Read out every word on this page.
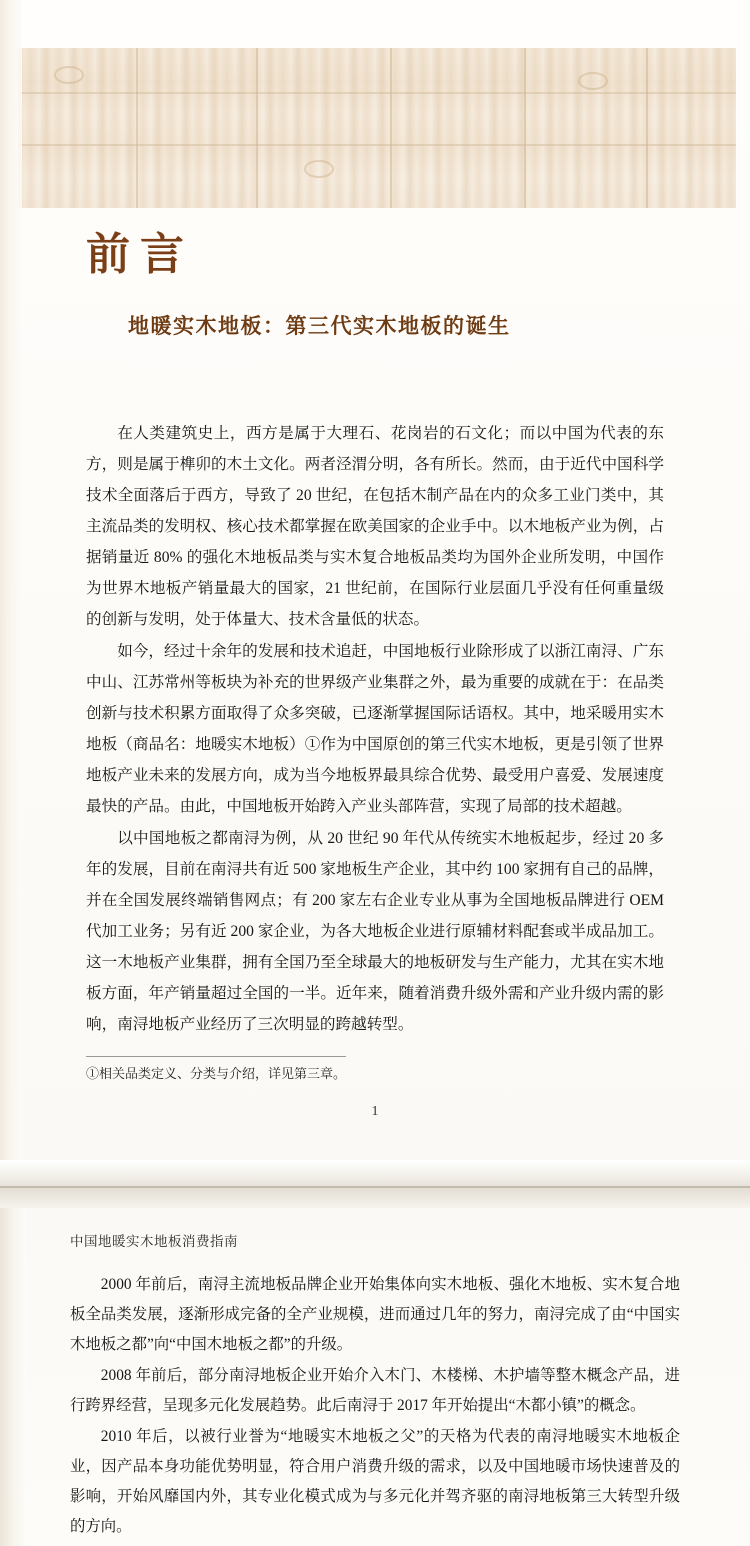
前言
地暖实木地板：第三代实木地板的诞生

在人类建筑史上，西方是属于大理石、花岗岩的石文化；而以中国为代表的东方，则是属于榫卯的木土文化。两者泾渭分明，各有所长。然而，由于近代中国科学技术全面落后于西方，导致了 20 世纪，在包括木制产品在内的众多工业门类中，其主流品类的发明权、核心技术都掌握在欧美国家的企业手中。以木地板产业为例，占据销量近 80% 的强化木地板品类与实木复合地板品类均为国外企业所发明，中国作为世界木地板产销量最大的国家，21 世纪前，在国际行业层面几乎没有任何重量级的创新与发明，处于体量大、技术含量低的状态。

如今，经过十余年的发展和技术追赶，中国地板行业除形成了以浙江南浔、广东中山、江苏常州等板块为补充的世界级产业集群之外，最为重要的成就在于：在品类创新与技术积累方面取得了众多突破，已逐渐掌握国际话语权。其中，地采暖用实木地板（商品名：地暖实木地板）①作为中国原创的第三代实木地板，更是引领了世界地板产业未来的发展方向，成为当今地板界最具综合优势、最受用户喜爱、发展速度最快的产品。由此，中国地板开始跨入产业头部阵营，实现了局部的技术超越。

以中国地板之都南浔为例，从 20 世纪 90 年代从传统实木地板起步，经过 20 多年的发展，目前在南浔共有近 500 家地板生产企业，其中约 100 家拥有自己的品牌，并在全国发展终端销售网点；有 200 家左右企业专业从事为全国地板品牌进行 OEM 代加工业务；另有近 200 家企业，为各大地板企业进行原辅材料配套或半成品加工。这一木地板产业集群，拥有全国乃至全球最大的地板研发与生产能力，尤其在实木地板方面，年产销量超过全国的一半。近年来，随着消费升级外需和产业升级内需的影响，南浔地板产业经历了三次明显的跨越转型。

①相关品类定义、分类与介绍，详见第三章。
1
中国地暖实木地板消费指南

2000 年前后，南浔主流地板品牌企业开始集体向实木地板、强化木地板、实木复合地板全品类发展，逐渐形成完备的全产业规模，进而通过几年的努力，南浔完成了由“中国实木地板之都”向“中国木地板之都”的升级。

2008 年前后，部分南浔地板企业开始介入木门、木楼梯、木护墙等整木概念产品，进行跨界经营，呈现多元化发展趋势。此后南浔于 2017 年开始提出“木都小镇”的概念。

2010 年后，以被行业誉为“地暖实木地板之父”的天格为代表的南浔地暖实木地板企业，因产品本身功能优势明显，符合用户消费升级的需求，以及中国地暖市场快速普及的影响，开始风靡国内外，其专业化模式成为与多元化并驾齐驱的南浔地板第三大转型升级的方向。
